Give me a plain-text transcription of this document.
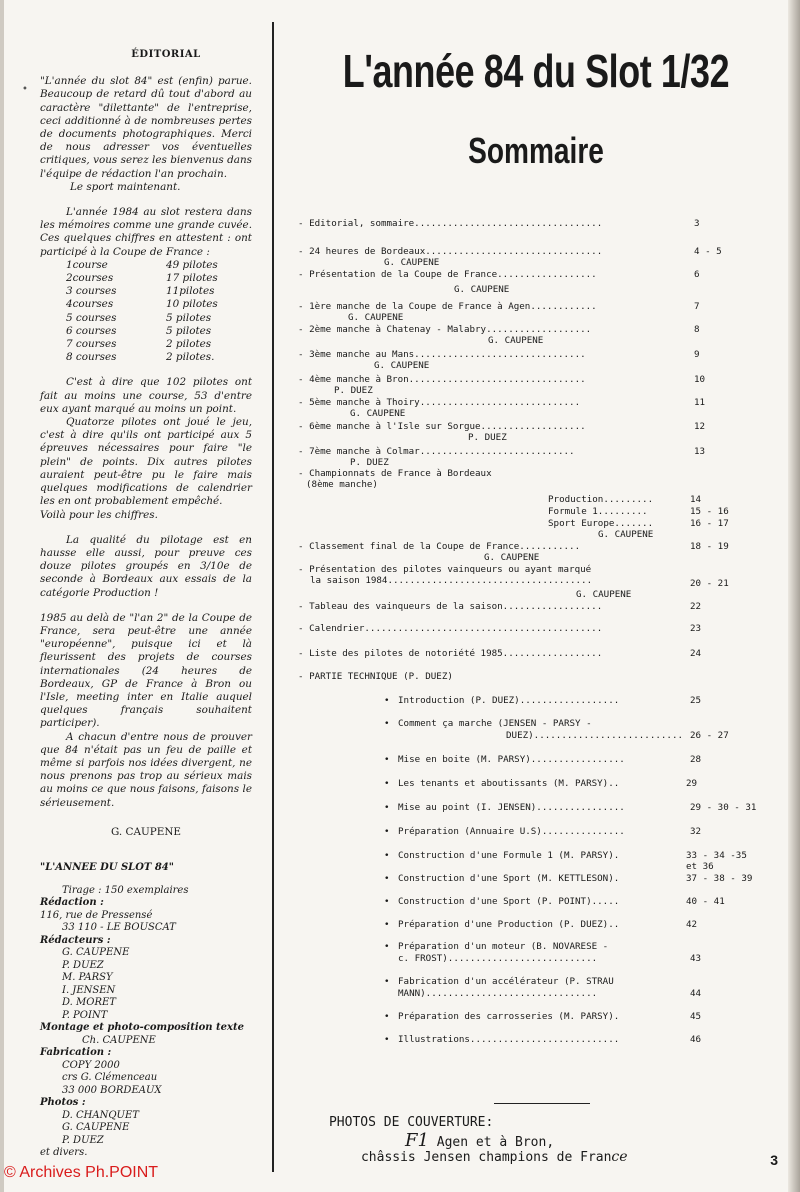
•
ÉDITORIAL

"L'année du slot 84" est (enfin) parue. Beaucoup de retard dû tout d'abord au caractère "dilettante" de l'entreprise, ceci additionné à de nombreuses pertes de documents photographiques. Merci de nous adresser vos éventuelles critiques, vous serez les bienvenus dans l'équipe de rédaction l'an prochain.

Le sport maintenant.

L'année 1984 au slot restera dans les mémoires comme une grande cuvée. Ces quelques chiffres en attestent : ont participé à la Coupe de France :

1course	49 pilotes
2courses	17 pilotes
3 courses	11pilotes
4courses	10 pilotes
5 courses	5 pilotes
6 courses	5 pilotes
7 courses	2 pilotes
8 courses	2 pilotes.

C'est à dire que 102 pilotes ont fait au moins une course, 53 d'entre eux ayant marqué au moins un point.

Quatorze pilotes ont joué le jeu, c'est à dire qu'ils ont participé aux 5 épreuves nécessaires pour faire "le plein" de points. Dix autres pilotes auraient peut-être pu le faire mais quelques modifications de calendrier les en ont probablement empêché.

Voilà pour les chiffres.

La qualité du pilotage est en hausse elle aussi, pour preuve ces douze pilotes groupés en 3/10e de seconde à Bordeaux aux essais de la catégorie Production !

1985 au delà de "l'an 2" de la Coupe de France, sera peut-être une année "européenne", puisque ici et là fleurissent des projets de courses internationales (24 heures de Bordeaux, GP de France à Bron ou l'Isle, meeting inter en Italie auquel quelques français souhaitent participer).

A chacun d'entre nous de prouver que 84 n'était pas un feu de paille et même si parfois nos idées divergent, ne nous prenons pas trop au sérieux mais au moins ce que nous faisons, faisons le sérieusement.

G. CAUPENE
"L'ANNEE DU SLOT 84"
Tirage : 150 exemplaires
Rédaction :
116, rue de Pressensé
33 110 - LE BOUSCAT
Rédacteurs :
G. CAUPENE
P. DUEZ
M. PARSY
I. JENSEN
D. MORET
P. POINT
Montage et photo-composition texte
Ch. CAUPENE
Fabrication :
COPY 2000
crs G. Clémenceau
33 000 BORDEAUX
Photos :
D. CHANQUET
G. CAUPENE
P. DUEZ
et divers.
© Archives Ph.POINT
L'année 84 du Slot 1/32
Sommaire
- Editorial, sommaire..................................	3
- 24 heures de Bordeaux................................	4 - 5
G. CAUPENE
- Présentation de la Coupe de France..................	6
G. CAUPENE
- 1ère manche de la Coupe de France à Agen............	7
G. CAUPENE
- 2ème manche à Chatenay - Malabry...................	8
G. CAUPENE
- 3ème manche au Mans...............................	9
G. CAUPENE
- 4ème manche à Bron................................	10
P. DUEZ
- 5ème manche à Thoiry.............................	11
G. CAUPENE
- 6ème manche à l'Isle sur Sorgue...................	12
P. DUEZ
- 7ème manche à Colmar............................	13
P. DUEZ
- Championnats de France à Bordeaux
(8ème manche)
Production.........	14
Formule 1.........	15 - 16
Sport Europe.......	16 - 17
G. CAUPENE
- Classement final de la Coupe de France...........	18 - 19
G. CAUPENE
- Présentation des pilotes vainqueurs ou ayant marqué
la saison 1984.....................................	20 - 21
G. CAUPENE
- Tableau des vainqueurs de la saison..................	22
- Calendrier...........................................	23
- Liste des pilotes de notoriété 1985..................	24
- PARTIE TECHNIQUE (P. DUEZ)
• Introduction (P. DUEZ)..................	25
• Comment ça marche (JENSEN - PARSY -
DUEZ)........................... 26 - 27
• Mise en boite (M. PARSY).................	28
• Les tenants et aboutissants (M. PARSY)..	29
• Mise au point (I. JENSEN)................	29 - 30 - 31
• Préparation (Annuaire U.S)...............	32
• Construction d'une Formule 1 (M. PARSY).	33 - 34 -35
et 36
• Construction d'une Sport (M. KETTLESON).	37 - 38 - 39
• Construction d'une Sport (P. POINT).....	40 - 41
• Préparation d'une Production (P. DUEZ)..	42
• Préparation d'un moteur (B. NOVARESE -
c. FROST)...........................	43
• Fabrication d'un accélérateur (P. STRAU
MANN)...............................	44
• Préparation des carrosseries (M. PARSY).	45
• Illustrations...........................	46

PHOTOS DE COUVERTURE:
F1 Agen et à Bron,

châssis Jensen champions de France
	3
